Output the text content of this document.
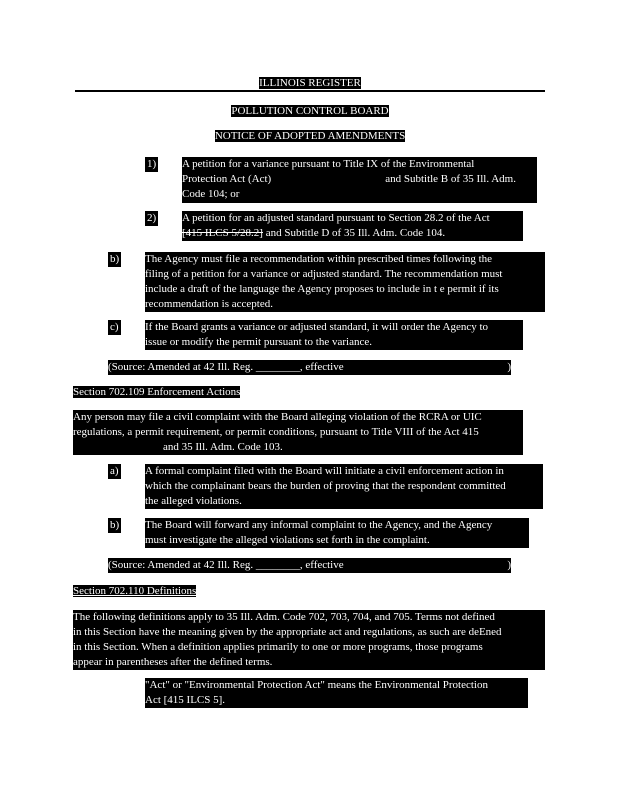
ILLINOIS REGISTER
POLLUTION CONTROL BOARD
NOTICE OF ADOPTED AMENDMENTS
1) A petition for a variance pursuant to Title IX of the Environmental
Protection Act (Act)	and Subtitle B of 35 Ill. Adm.
Code 104; or
2) A petition for an adjusted standard pursuant to Section 28.2 of the Act
[415 ILCS 5/28.2] and Subtitle D of 35 Ill. Adm. Code 104.
b) The Agency must file a recommendation within prescribed times following the
filing of a petition for a variance or adjusted standard. The recommendation must
include a draft of the language the Agency proposes to include in t e permit if its
recommendation is accepted.
c) If the Board grants a variance or adjusted standard, it will order the Agency to
issue or modify the permit pursuant to the variance.
(Source: Amended at 42 Ill. Reg. ________, effective	)
Section 702.109 Enforcement Actions
Any person may file a civil complaint with the Board alleging violation of the RCRA or UIC
regulations, a permit requirement, or permit conditions, pursuant to Title VIII of the Act 415
and 35 Ill. Adm. Code 103.
a) A formal complaint filed with the Board will initiate a civil enforcement action in
which the complainant bears the burden of proving that the respondent committed
the alleged violations.
b) The Board will forward any informal complaint to the Agency, and the Agency
must investigate the alleged violations set forth in the complaint.
(Source: Amended at 42 Ill. Reg. ________, effective	)
Section 702.110 Definitions
The following definitions apply to 35 Ill. Adm. Code 702, 703, 704, and 705. Terms not defined
in this Section have the meaning given by the appropriate act and regulations, as such are deEned
in this Section. When a definition applies primarily to one or more programs, those programs
appear in parentheses after the defined terms.
"Act" or "Environmental Protection Act" means the Environmental Protection
Act [415 ILCS 5].
